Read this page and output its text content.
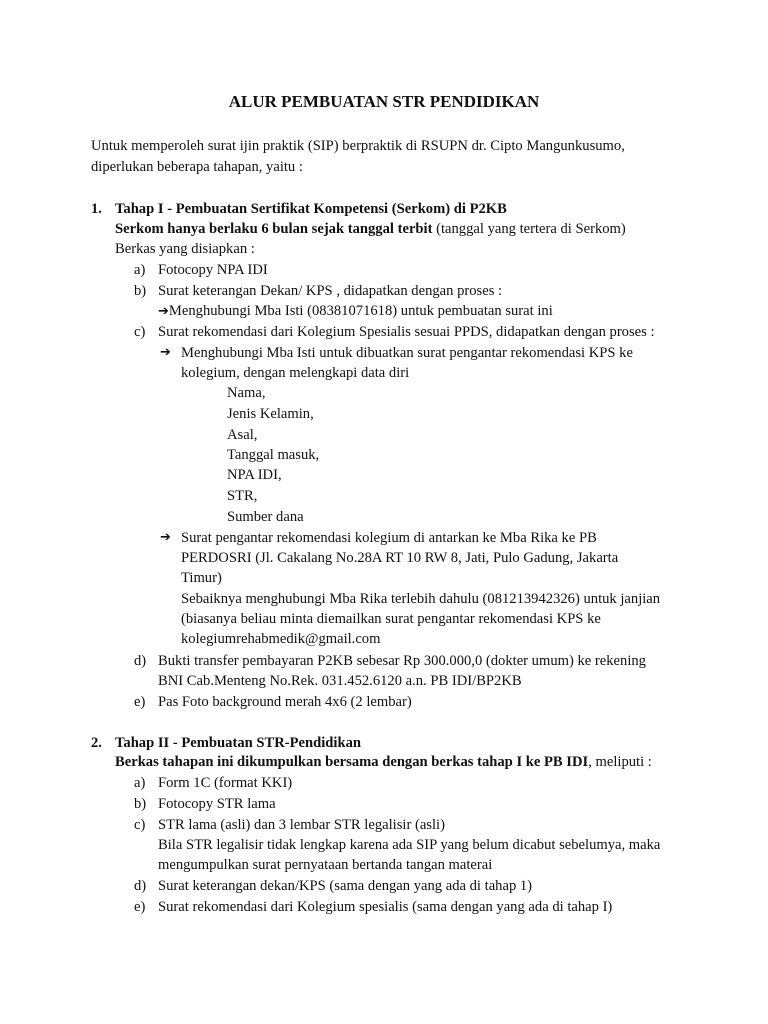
ALUR PEMBUATAN STR PENDIDIKAN
Untuk memperoleh surat ijin praktik (SIP) berpraktik di RSUPN dr. Cipto Mangunkusumo,
diperlukan beberapa tahapan, yaitu :
1. Tahap I - Pembuatan Sertifikat Kompetensi (Serkom) di P2KB
Serkom hanya berlaku 6 bulan sejak tanggal terbit (tanggal yang tertera di Serkom)
Berkas yang disiapkan :
a) Fotocopy NPA IDI
b) Surat keterangan Dekan/ KPS , didapatkan dengan proses :
➔Menghubungi Mba Isti (08381071618) untuk pembuatan surat ini
c) Surat rekomendasi dari Kolegium Spesialis sesuai PPDS, didapatkan dengan proses :
➔ Menghubungi Mba Isti untuk dibuatkan surat pengantar rekomendasi KPS ke
kolegium, dengan melengkapi data diri
Nama,
Jenis Kelamin,
Asal,
Tanggal masuk,
NPA IDI,
STR,
Sumber dana
➔ Surat pengantar rekomendasi kolegium di antarkan ke Mba Rika ke PB
PERDOSRI (Jl. Cakalang No.28A RT 10 RW 8, Jati, Pulo Gadung, Jakarta
Timur)
Sebaiknya menghubungi Mba Rika terlebih dahulu (081213942326) untuk janjian
(biasanya beliau minta diemailkan surat pengantar rekomendasi KPS ke
kolegiumrehabmedik@gmail.com
d) Bukti transfer pembayaran P2KB sebesar Rp 300.000,0 (dokter umum) ke rekening
BNI Cab.Menteng No.Rek. 031.452.6120 a.n. PB IDI/BP2KB
e) Pas Foto background merah 4x6 (2 lembar)
2. Tahap II - Pembuatan STR-Pendidikan
Berkas tahapan ini dikumpulkan bersama dengan berkas tahap I ke PB IDI, meliputi :
a) Form 1C (format KKI)
b) Fotocopy STR lama
c) STR lama (asli) dan 3 lembar STR legalisir (asli)
Bila STR legalisir tidak lengkap karena ada SIP yang belum dicabut sebelumya, maka
mengumpulkan surat pernyataan bertanda tangan materai
d) Surat keterangan dekan/KPS (sama dengan yang ada di tahap 1)
e) Surat rekomendasi dari Kolegium spesialis (sama dengan yang ada di tahap I)
